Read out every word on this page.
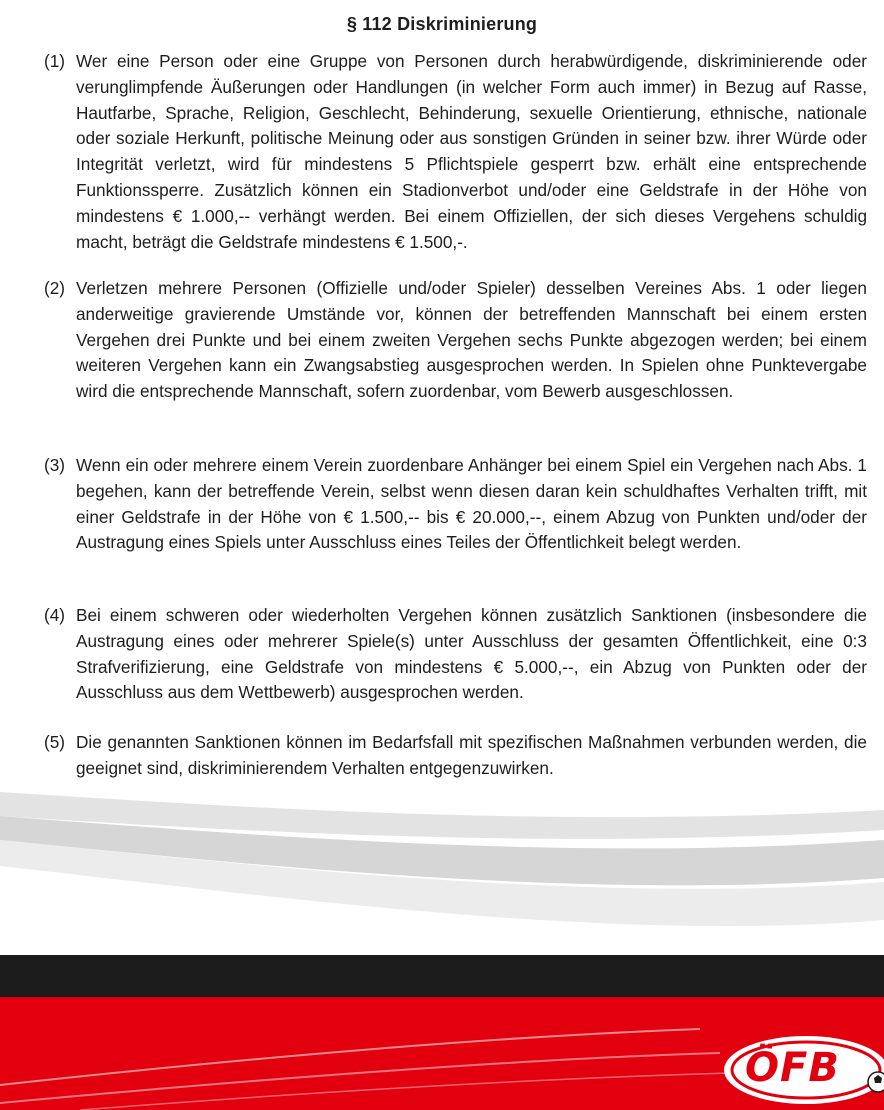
§ 112 Diskriminierung
(1) Wer eine Person oder eine Gruppe von Personen durch herabwürdigende, diskriminierende oder verunglimpfende Äußerungen oder Handlungen (in welcher Form auch immer) in Bezug auf Rasse, Hautfarbe, Sprache, Religion, Geschlecht, Behinderung, sexuelle Orientierung, ethnische, nationale oder soziale Herkunft, politische Meinung oder aus sonstigen Gründen in seiner bzw. ihrer Würde oder Integrität verletzt, wird für mindestens 5 Pflichtspiele gesperrt bzw. erhält eine entsprechende Funktionssperre. Zusätzlich können ein Stadionverbot und/oder eine Geldstrafe in der Höhe von mindestens € 1.000,-- verhängt werden. Bei einem Offiziellen, der sich dieses Vergehens schuldig macht, beträgt die Geldstrafe mindestens € 1.500,-.
(2) Verletzen mehrere Personen (Offizielle und/oder Spieler) desselben Vereines Abs. 1 oder liegen anderweitige gravierende Umstände vor, können der betreffenden Mannschaft bei einem ersten Vergehen drei Punkte und bei einem zweiten Vergehen sechs Punkte abgezogen werden; bei einem weiteren Vergehen kann ein Zwangsabstieg ausgesprochen werden. In Spielen ohne Punktevergabe wird die entsprechende Mannschaft, sofern zuordenbar, vom Bewerb ausgeschlossen.
(3) Wenn ein oder mehrere einem Verein zuordenbare Anhänger bei einem Spiel ein Vergehen nach Abs. 1 begehen, kann der betreffende Verein, selbst wenn diesen daran kein schuldhaftes Verhalten trifft, mit einer Geldstrafe in der Höhe von € 1.500,-- bis € 20.000,--, einem Abzug von Punkten und/oder der Austragung eines Spiels unter Ausschluss eines Teiles der Öffentlichkeit belegt werden.
(4) Bei einem schweren oder wiederholten Vergehen können zusätzlich Sanktionen (insbesondere die Austragung eines oder mehrerer Spiele(s) unter Ausschluss der gesamten Öffentlichkeit, eine 0:3 Strafverifizierung, eine Geldstrafe von mindestens € 5.000,--, ein Abzug von Punkten oder der Ausschluss aus dem Wettbewerb) ausgesprochen werden.
(5) Die genannten Sanktionen können im Bedarfsfall mit spezifischen Maßnahmen verbunden werden, die geeignet sind, diskriminierendem Verhalten entgegenzuwirken.
ÖFB
